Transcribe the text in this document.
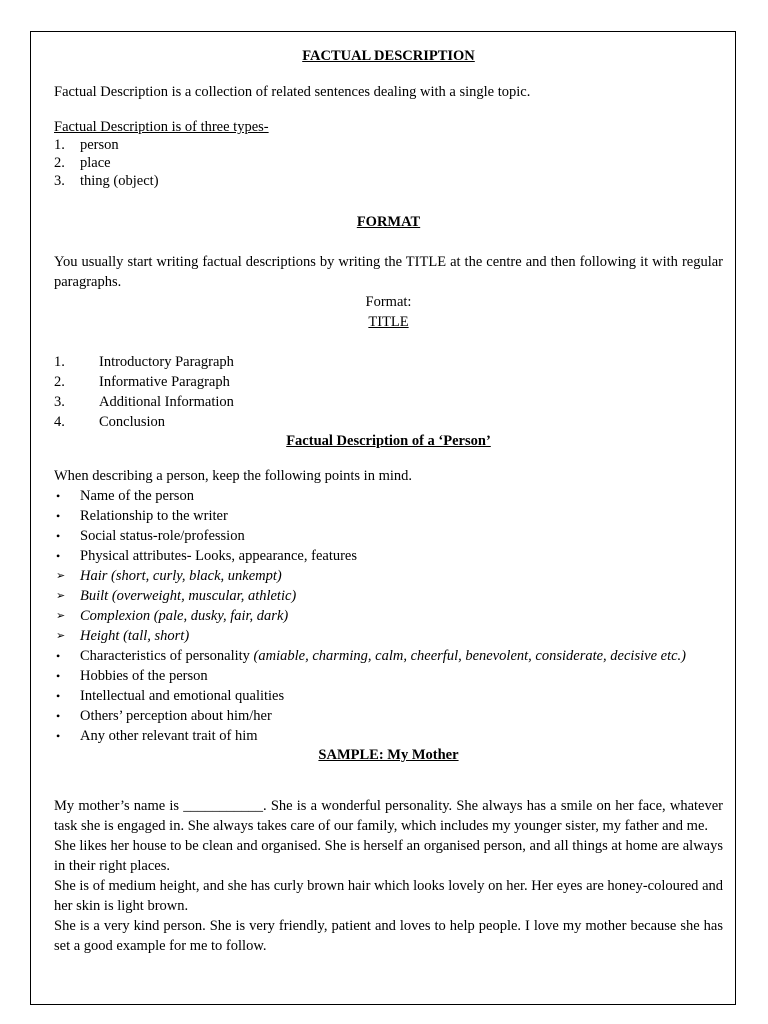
FACTUAL DESCRIPTION

Factual Description is a collection of related sentences dealing with a single topic.

Factual Description is of three types-

1.	person
2.	place
3.	thing (object)

FORMAT

You usually start writing factual descriptions by writing the TITLE at the centre and then following it with regular paragraphs.

Format:

TITLE

1.	Introductory Paragraph
2.	Informative Paragraph
3.	Additional Information
4.	Conclusion

Factual Description of a ‘Person’

When describing a person, keep the following points in mind.

•	Name of the person
•	Relationship to the writer
•	Social status-role/profession
•	Physical attributes- Looks, appearance, features
➢	Hair (short, curly, black, unkempt)
➢	Built (overweight, muscular, athletic)
➢	Complexion (pale, dusky, fair, dark)
➢	Height (tall, short)
•	Characteristics of personality (amiable, charming, calm, cheerful, benevolent, considerate, decisive etc.)
•	Hobbies of the person
•	Intellectual and emotional qualities
•	Others’ perception about him/her
•	Any other relevant trait of him

SAMPLE: My Mother

My mother’s name is ___________. She is a wonderful personality. She always has a smile on her face, whatever task she is engaged in. She always takes care of our family, which includes my younger sister, my father and me.

She likes her house to be clean and organised. She is herself an organised person, and all things at home are always in their right places.

She is of medium height, and she has curly brown hair which looks lovely on her. Her eyes are honey-coloured and her skin is light brown.

She is a very kind person. She is very friendly, patient and loves to help people. I love my mother because she has set a good example for me to follow.
